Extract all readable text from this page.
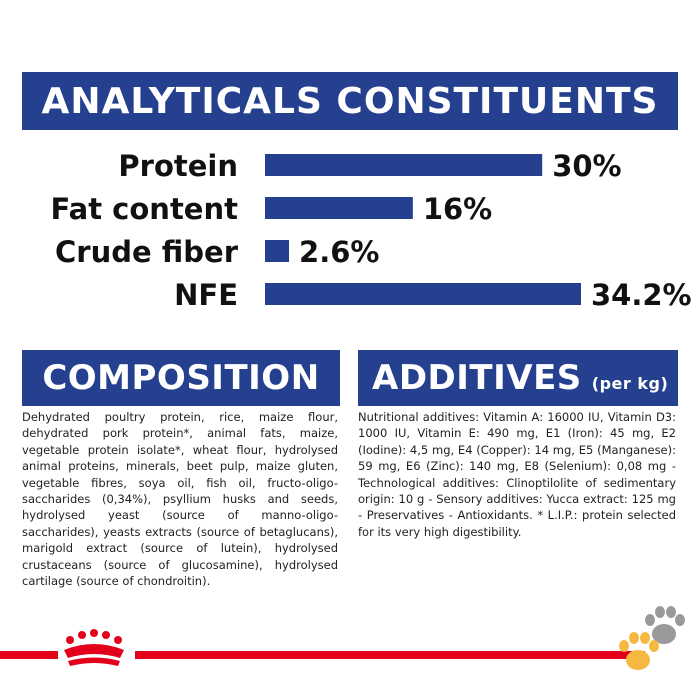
ANALYTICALS CONSTITUENTS
Protein	30%
Fat content	16%
Crude fiber 2.6%
NFE	34.2%
COMPOSITION

Dehydrated poultry protein, rice, maize flour, dehydrated pork protein*, animal fats, maize, vegetable protein isolate*, wheat flour, hydrolysed animal proteins, minerals, beet pulp, maize gluten, vegetable fibres, soya oil, fish oil, fructo-oligo-saccharides (0,34%), psyllium husks and seeds, hydrolysed yeast (source of manno-oligo-saccharides), yeasts extracts (source of betaglucans), marigold extract (source of lutein), hydrolysed crustaceans (source of glucosamine), hydrolysed cartilage (source of chondroitin).

ADDITIVES (per kg)

Nutritional additives: Vitamin A: 16000 IU, Vitamin D3: 1000 IU, Vitamin E: 490 mg, E1 (Iron): 45 mg, E2 (Iodine): 4,5 mg, E4 (Copper): 14 mg, E5 (Manganese): 59 mg, E6 (Zinc): 140 mg, E8 (Selenium): 0,08 mg - Technological additives: Clinoptilolite of sedimentary origin: 10 g - Sensory additives: Yucca extract: 125 mg - Preservatives - Antioxidants. * L.I.P.: protein selected for its very high digestibility.
